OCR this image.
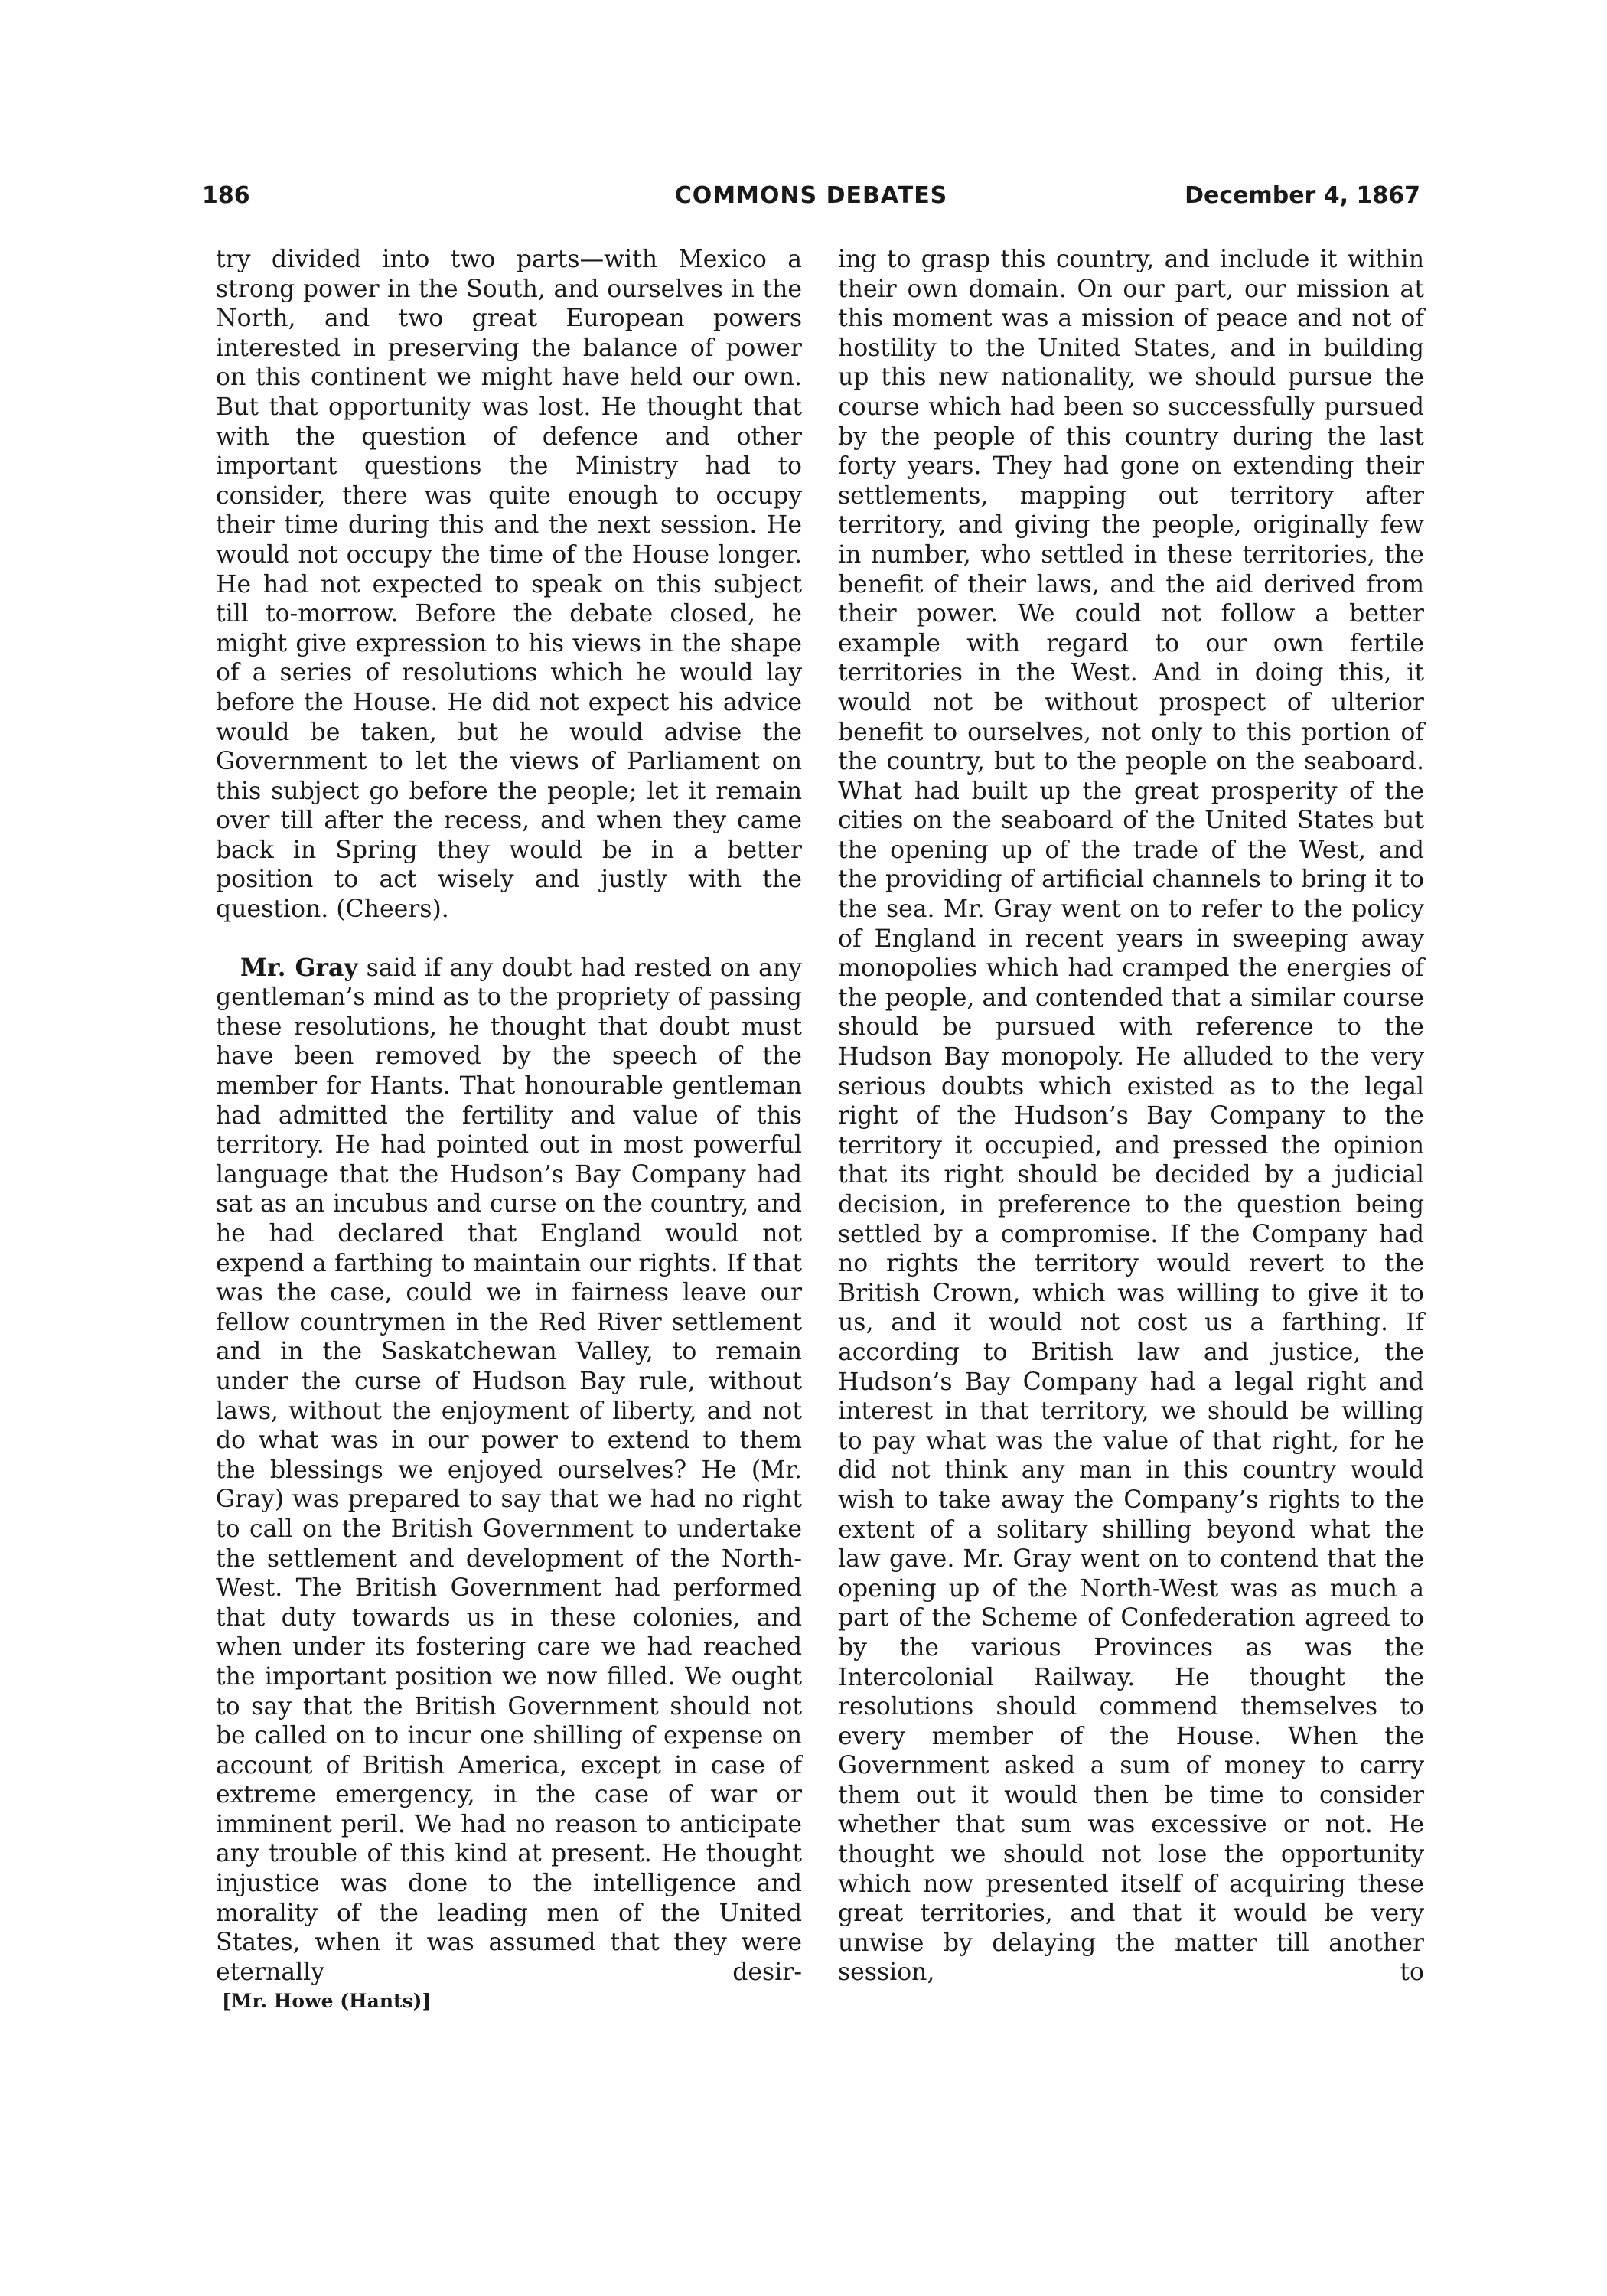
186	COMMONS DEBATES	December 4, 1867

try divided into two parts—with Mexico a strong power in the South, and ourselves in the North, and two great European powers interested in preserving the balance of power on this continent we might have held our own. But that opportunity was lost. He thought that with the question of defence and other important questions the Ministry had to consider, there was quite enough to occupy their time during this and the next session. He would not occupy the time of the House longer. He had not expected to speak on this subject till to-morrow. Before the debate closed, he might give expression to his views in the shape of a series of resolutions which he would lay before the House. He did not expect his advice would be taken, but he would advise the Government to let the views of Parliament on this subject go before the people; let it remain over till after the recess, and when they came back in Spring they would be in a better position to act wisely and justly with the question. (Cheers).

Mr. Gray said if any doubt had rested on any gentleman’s mind as to the propriety of passing these resolutions, he thought that doubt must have been removed by the speech of the member for Hants. That honourable gentleman had admitted the fertility and value of this territory. He had pointed out in most powerful language that the Hudson’s Bay Company had sat as an incubus and curse on the country, and he had declared that England would not expend a farthing to maintain our rights. If that was the case, could we in fairness leave our fellow countrymen in the Red River settlement and in the Saskatchewan Valley, to remain under the curse of Hudson Bay rule, without laws, without the enjoyment of liberty, and not do what was in our power to extend to them the blessings we enjoyed ourselves? He (Mr. Gray) was prepared to say that we had no right to call on the British Government to undertake the settlement and development of the North-West. The British Government had performed that duty towards us in these colonies, and when under its fostering care we had reached the important position we now filled. We ought to say that the British Government should not be called on to incur one shilling of expense on account of British America, except in case of extreme emergency, in the case of war or imminent peril. We had no reason to anticipate any trouble of this kind at present. He thought injustice was done to the intelligence and morality of the leading men of the United States, when it was assumed that they were eternally desir-

ing to grasp this country, and include it within their own domain. On our part, our mission at this moment was a mission of peace and not of hostility to the United States, and in building up this new nationality, we should pursue the course which had been so successfully pursued by the people of this country during the last forty years. They had gone on extending their settlements, mapping out territory after territory, and giving the people, originally few in number, who settled in these territories, the benefit of their laws, and the aid derived from their power. We could not follow a better example with regard to our own fertile territories in the West. And in doing this, it would not be without prospect of ulterior benefit to ourselves, not only to this portion of the country, but to the people on the seaboard. What had built up the great prosperity of the cities on the seaboard of the United States but the opening up of the trade of the West, and the providing of artificial channels to bring it to the sea. Mr. Gray went on to refer to the policy of England in recent years in sweeping away monopolies which had cramped the energies of the people, and contended that a similar course should be pursued with reference to the Hudson Bay monopoly. He alluded to the very serious doubts which existed as to the legal right of the Hudson’s Bay Company to the territory it occupied, and pressed the opinion that its right should be decided by a judicial decision, in preference to the question being settled by a compromise. If the Company had no rights the territory would revert to the British Crown, which was willing to give it to us, and it would not cost us a farthing. If according to British law and justice, the Hudson’s Bay Company had a legal right and interest in that territory, we should be willing to pay what was the value of that right, for he did not think any man in this country would wish to take away the Company’s rights to the extent of a solitary shilling beyond what the law gave. Mr. Gray went on to contend that the opening up of the North-West was as much a part of the Scheme of Confederation agreed to by the various Provinces as was the Intercolonial Railway. He thought the resolutions should commend themselves to every member of the House. When the Government asked a sum of money to carry them out it would then be time to consider whether that sum was excessive or not. He thought we should not lose the opportunity which now presented itself of acquiring these great territories, and that it would be very unwise by delaying the matter till another session, to

[Mr. Howe (Hants)]
